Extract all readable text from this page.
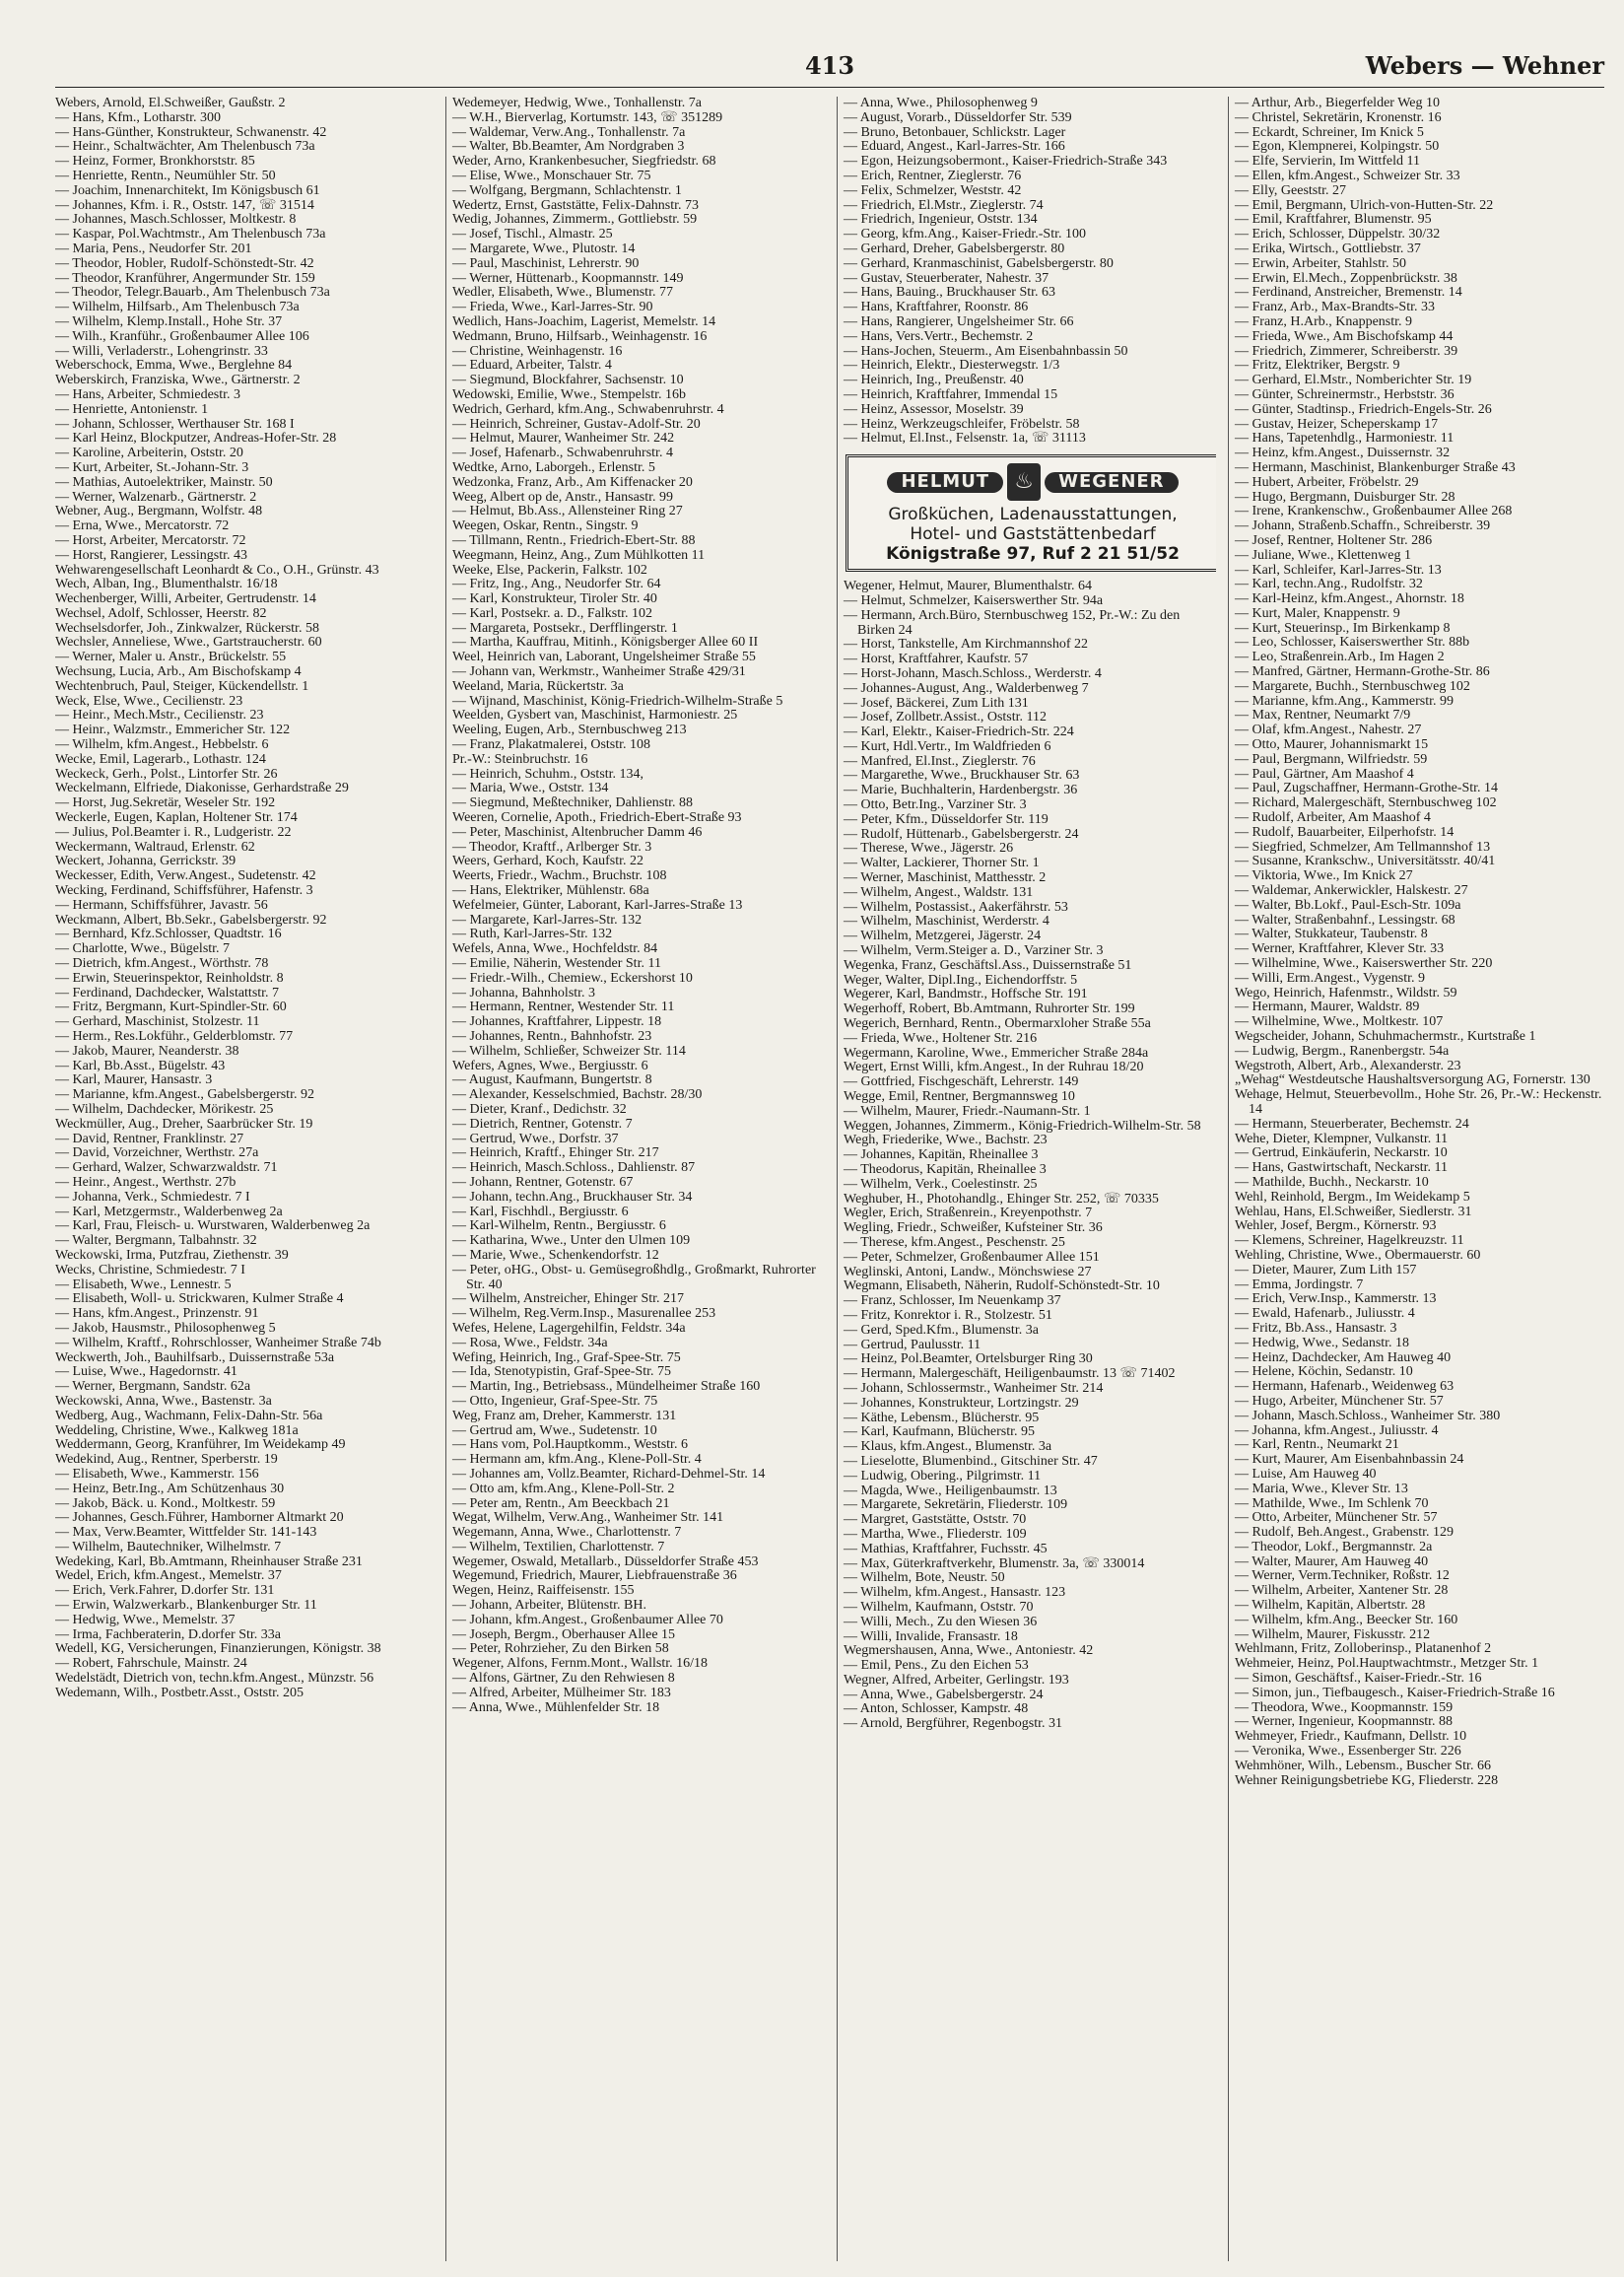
413	Webers — Wehner
Webers, Arnold, El.Schweißer, Gaußstr. 2
— Hans, Kfm., Lotharstr. 300
— Hans-Günther, Konstrukteur, Schwanenstr. 42
— Heinr., Schaltwächter, Am Thelenbusch 73a
— Heinz, Former, Bronkhorststr. 85
— Henriette, Rentn., Neumühler Str. 50
— Joachim, Innenarchitekt, Im Königsbusch 61
— Johannes, Kfm. i. R., Oststr. 147, ☏ 31514
— Johannes, Masch.Schlosser, Moltkestr. 8
— Kaspar, Pol.Wachtmstr., Am Thelenbusch 73a
— Maria, Pens., Neudorfer Str. 201
— Theodor, Hobler, Rudolf-Schönstedt-Str. 42
— Theodor, Kranführer, Angermunder Str. 159
— Theodor, Telegr.Bauarb., Am Thelenbusch 73a
— Wilhelm, Hilfsarb., Am Thelenbusch 73a
— Wilhelm, Klemp.Install., Hohe Str. 37
— Wilh., Kranführ., Großenbaumer Allee 106
— Willi, Verladerstr., Lohengrinstr. 33
Weberschock, Emma, Wwe., Berglehne 84
Weberskirch, Franziska, Wwe., Gärtnerstr. 2
— Hans, Arbeiter, Schmiedestr. 3
— Henriette, Antonienstr. 1
— Johann, Schlosser, Werthauser Str. 168 I
— Karl Heinz, Blockputzer, Andreas-Hofer-Str. 28
— Karoline, Arbeiterin, Oststr. 20
— Kurt, Arbeiter, St.-Johann-Str. 3
— Mathias, Autoelektriker, Mainstr. 50
— Werner, Walzenarb., Gärtnerstr. 2
Webner, Aug., Bergmann, Wolfstr. 48
— Erna, Wwe., Mercatorstr. 72
— Horst, Arbeiter, Mercatorstr. 72
— Horst, Rangierer, Lessingstr. 43
Wehwarengesellschaft Leonhardt & Co., O.H., Grünstr. 43
Wech, Alban, Ing., Blumenthalstr. 16/18
Wechenberger, Willi, Arbeiter, Gertrudenstr. 14
Wechsel, Adolf, Schlosser, Heerstr. 82
Wechselsdorfer, Joh., Zinkwalzer, Rückerstr. 58
Wechsler, Anneliese, Wwe., Gartstraucherstr. 60
— Werner, Maler u. Anstr., Brückelstr. 55
Wechsung, Lucia, Arb., Am Bischofskamp 4
Wechtenbruch, Paul, Steiger, Kückendellstr. 1
Weck, Else, Wwe., Cecilienstr. 23
— Heinr., Mech.Mstr., Cecilienstr. 23
— Heinr., Walzmstr., Emmericher Str. 122
— Wilhelm, kfm.Angest., Hebbelstr. 6
Wecke, Emil, Lagerarb., Lothastr. 124
Weckeck, Gerh., Polst., Lintorfer Str. 26
Weckelmann, Elfriede, Diakonisse, Gerhardstraße 29
— Horst, Jug.Sekretär, Weseler Str. 192
Weckerle, Eugen, Kaplan, Holtener Str. 174
— Julius, Pol.Beamter i. R., Ludgeristr. 22
Weckermann, Waltraud, Erlenstr. 62
Weckert, Johanna, Gerrickstr. 39
Weckesser, Edith, Verw.Angest., Sudetenstr. 42
Wecking, Ferdinand, Schiffsführer, Hafenstr. 3
— Hermann, Schiffsführer, Javastr. 56
Weckmann, Albert, Bb.Sekr., Gabelsbergerstr. 92
— Bernhard, Kfz.Schlosser, Quadtstr. 16
— Charlotte, Wwe., Bügelstr. 7
— Dietrich, kfm.Angest., Wörthstr. 78
— Erwin, Steuerinspektor, Reinholdstr. 8
— Ferdinand, Dachdecker, Walstattstr. 7
— Fritz, Bergmann, Kurt-Spindler-Str. 60
— Gerhard, Maschinist, Stolzestr. 11
— Herm., Res.Lokführ., Gelderblomstr. 77
— Jakob, Maurer, Neanderstr. 38
— Karl, Bb.Asst., Bügelstr. 43
— Karl, Maurer, Hansastr. 3
— Marianne, kfm.Angest., Gabelsbergerstr. 92
— Wilhelm, Dachdecker, Mörikestr. 25
Weckmüller, Aug., Dreher, Saarbrücker Str. 19
— David, Rentner, Franklinstr. 27
— David, Vorzeichner, Werthstr. 27a
— Gerhard, Walzer, Schwarzwaldstr. 71
— Heinr., Angest., Werthstr. 27b
— Johanna, Verk., Schmiedestr. 7 I
— Karl, Metzgermstr., Walderbenweg 2a
— Karl, Frau, Fleisch- u. Wurstwaren, Walderbenweg 2a
— Walter, Bergmann, Talbahnstr. 32
Weckowski, Irma, Putzfrau, Ziethenstr. 39
Wecks, Christine, Schmiedestr. 7 I
— Elisabeth, Wwe., Lennestr. 5
— Elisabeth, Woll- u. Strickwaren, Kulmer Straße 4
— Hans, kfm.Angest., Prinzenstr. 91
— Jakob, Hausmstr., Philosophenweg 5
— Wilhelm, Kraftf., Rohrschlosser, Wanheimer Straße 74b
Weckwerth, Joh., Bauhilfsarb., Duissernstraße 53a
— Luise, Wwe., Hagedornstr. 41
— Werner, Bergmann, Sandstr. 62a
Weckowski, Anna, Wwe., Bastenstr. 3a
Wedberg, Aug., Wachmann, Felix-Dahn-Str. 56a
Weddeling, Christine, Wwe., Kalkweg 181a
Weddermann, Georg, Kranführer, Im Weidekamp 49
Wedekind, Aug., Rentner, Sperberstr. 19
— Elisabeth, Wwe., Kammerstr. 156
— Heinz, Betr.Ing., Am Schützenhaus 30
— Jakob, Bäck. u. Kond., Moltkestr. 59
— Johannes, Gesch.Führer, Hamborner Altmarkt 20
— Max, Verw.Beamter, Wittfelder Str. 141-143
— Wilhelm, Bautechniker, Wilhelmstr. 7
Wedeking, Karl, Bb.Amtmann, Rheinhauser Straße 231
Wedel, Erich, kfm.Angest., Memelstr. 37
— Erich, Verk.Fahrer, D.dorfer Str. 131
— Erwin, Walzwerkarb., Blankenburger Str. 11
— Hedwig, Wwe., Memelstr. 37
— Irma, Fachberaterin, D.dorfer Str. 33a
Wedell, KG, Versicherungen, Finanzierungen, Königstr. 38
— Robert, Fahrschule, Mainstr. 24
Wedelstädt, Dietrich von, techn.kfm.Angest., Münzstr. 56
Wedemann, Wilh., Postbetr.Asst., Oststr. 205
Wedemeyer, Hedwig, Wwe., Tonhallenstr. 7a
— W.H., Bierverlag, Kortumstr. 143, ☏ 351289
— Waldemar, Verw.Ang., Tonhallenstr. 7a
— Walter, Bb.Beamter, Am Nordgraben 3
Weder, Arno, Krankenbesucher, Siegfriedstr. 68
— Elise, Wwe., Monschauer Str. 75
— Wolfgang, Bergmann, Schlachtenstr. 1
Wedertz, Ernst, Gaststätte, Felix-Dahnstr. 73
Wedig, Johannes, Zimmerm., Gottliebstr. 59
— Josef, Tischl., Almastr. 25
— Margarete, Wwe., Plutostr. 14
— Paul, Maschinist, Lehrerstr. 90
— Werner, Hüttenarb., Koopmannstr. 149
Wedler, Elisabeth, Wwe., Blumenstr. 77
— Frieda, Wwe., Karl-Jarres-Str. 90
Wedlich, Hans-Joachim, Lagerist, Memelstr. 14
Wedmann, Bruno, Hilfsarb., Weinhagenstr. 16
— Christine, Weinhagenstr. 16
— Eduard, Arbeiter, Talstr. 4
— Siegmund, Blockfahrer, Sachsenstr. 10
Wedowski, Emilie, Wwe., Stempelstr. 16b
Wedrich, Gerhard, kfm.Ang., Schwabenruhrstr. 4
— Heinrich, Schreiner, Gustav-Adolf-Str. 20
— Helmut, Maurer, Wanheimer Str. 242
— Josef, Hafenarb., Schwabenruhrstr. 4
Wedtke, Arno, Laborgeh., Erlenstr. 5
Wedzonka, Franz, Arb., Am Kiffenacker 20
Weeg, Albert op de, Anstr., Hansastr. 99
— Helmut, Bb.Ass., Allensteiner Ring 27
Weegen, Oskar, Rentn., Singstr. 9
— Tillmann, Rentn., Friedrich-Ebert-Str. 88
Weegmann, Heinz, Ang., Zum Mühlkotten 11
Weeke, Else, Packerin, Falkstr. 102
— Fritz, Ing., Ang., Neudorfer Str. 64
— Karl, Konstrukteur, Tiroler Str. 40
— Karl, Postsekr. a. D., Falkstr. 102
— Margareta, Postsekr., Derfflingerstr. 1
— Martha, Kauffrau, Mitinh., Königsberger Allee 60 II
Weel, Heinrich van, Laborant, Ungelsheimer Straße 55
— Johann van, Werkmstr., Wanheimer Straße 429/31
Weeland, Maria, Rückertstr. 3a
— Wijnand, Maschinist, König-Friedrich-Wilhelm-Straße 5
Weelden, Gysbert van, Maschinist, Harmoniestr. 25
Weeling, Eugen, Arb., Sternbuschweg 213
— Franz, Plakatmalerei, Oststr. 108
Pr.-W.: Steinbruchstr. 16
— Heinrich, Schuhm., Oststr. 134,
— Maria, Wwe., Oststr. 134
— Siegmund, Meßtechniker, Dahlienstr. 88
Weeren, Cornelie, Apoth., Friedrich-Ebert-Straße 93
— Peter, Maschinist, Altenbrucher Damm 46
— Theodor, Kraftf., Arlberger Str. 3
Weers, Gerhard, Koch, Kaufstr. 22
Weerts, Friedr., Wachm., Bruchstr. 108
— Hans, Elektriker, Mühlenstr. 68a
Wefelmeier, Günter, Laborant, Karl-Jarres-Straße 13
— Margarete, Karl-Jarres-Str. 132
— Ruth, Karl-Jarres-Str. 132
Wefels, Anna, Wwe., Hochfeldstr. 84
— Emilie, Näherin, Westender Str. 11
— Friedr.-Wilh., Chemiew., Eckershorst 10
— Johanna, Bahnholstr. 3
— Hermann, Rentner, Westender Str. 11
— Johannes, Kraftfahrer, Lippestr. 18
— Johannes, Rentn., Bahnhofstr. 23
— Wilhelm, Schließer, Schweizer Str. 114
Wefers, Agnes, Wwe., Bergiusstr. 6
— August, Kaufmann, Bungertstr. 8
— Alexander, Kesselschmied, Bachstr. 28/30
— Dieter, Kranf., Dedichstr. 32
— Dietrich, Rentner, Gotenstr. 7
— Gertrud, Wwe., Dorfstr. 37
— Heinrich, Kraftf., Ehinger Str. 217
— Heinrich, Masch.Schloss., Dahlienstr. 87
— Johann, Rentner, Gotenstr. 67
— Johann, techn.Ang., Bruckhauser Str. 34
— Karl, Fischhdl., Bergiusstr. 6
— Karl-Wilhelm, Rentn., Bergiusstr. 6
— Katharina, Wwe., Unter den Ulmen 109
— Marie, Wwe., Schenkendorfstr. 12
— Peter, oHG., Obst- u. Gemüsegroßhdlg., Großmarkt, Ruhrorter Str. 40
— Wilhelm, Anstreicher, Ehinger Str. 217
— Wilhelm, Reg.Verm.Insp., Masurenallee 253
Wefes, Helene, Lagergehilfin, Feldstr. 34a
— Rosa, Wwe., Feldstr. 34a
Wefing, Heinrich, Ing., Graf-Spee-Str. 75
— Ida, Stenotypistin, Graf-Spee-Str. 75
— Martin, Ing., Betriebsass., Mündelheimer Straße 160
— Otto, Ingenieur, Graf-Spee-Str. 75
Weg, Franz am, Dreher, Kammerstr. 131
— Gertrud am, Wwe., Sudetenstr. 10
— Hans vom, Pol.Hauptkomm., Weststr. 6
— Hermann am, kfm.Ang., Klene-Poll-Str. 4
— Johannes am, Vollz.Beamter, Richard-Dehmel-Str. 14
— Otto am, kfm.Ang., Klene-Poll-Str. 2
— Peter am, Rentn., Am Beeckbach 21
Wegat, Wilhelm, Verw.Ang., Wanheimer Str. 141
Wegemann, Anna, Wwe., Charlottenstr. 7
— Wilhelm, Textilien, Charlottenstr. 7
Wegemer, Oswald, Metallarb., Düsseldorfer Straße 453
Wegemund, Friedrich, Maurer, Liebfrauenstraße 36
Wegen, Heinz, Raiffeisenstr. 155
— Johann, Arbeiter, Blütenstr. BH.
— Johann, kfm.Angest., Großenbaumer Allee 70
— Joseph, Bergm., Oberhauser Allee 15
— Peter, Rohrzieher, Zu den Birken 58
Wegener, Alfons, Fernm.Mont., Wallstr. 16/18
— Alfons, Gärtner, Zu den Rehwiesen 8
— Alfred, Arbeiter, Mülheimer Str. 183
— Anna, Wwe., Mühlenfelder Str. 18
— Anna, Wwe., Philosophenweg 9
— August, Vorarb., Düsseldorfer Str. 539
— Bruno, Betonbauer, Schlickstr. Lager
— Eduard, Angest., Karl-Jarres-Str. 166
— Egon, Heizungsobermont., Kaiser-Friedrich-Straße 343
— Erich, Rentner, Zieglerstr. 76
— Felix, Schmelzer, Weststr. 42
— Friedrich, El.Mstr., Zieglerstr. 74
— Friedrich, Ingenieur, Oststr. 134
— Georg, kfm.Ang., Kaiser-Friedr.-Str. 100
— Gerhard, Dreher, Gabelsbergerstr. 80
— Gerhard, Kranmaschinist, Gabelsbergerstr. 80
— Gustav, Steuerberater, Nahestr. 37
— Hans, Bauing., Bruckhauser Str. 63
— Hans, Kraftfahrer, Roonstr. 86
— Hans, Rangierer, Ungelsheimer Str. 66
— Hans, Vers.Vertr., Bechemstr. 2
— Hans-Jochen, Steuerm., Am Eisenbahnbassin 50
— Heinrich, Elektr., Diesterwegstr. 1/3
— Heinrich, Ing., Preußenstr. 40
— Heinrich, Kraftfahrer, Immendal 15
— Heinz, Assessor, Moselstr. 39
— Heinz, Werkzeugschleifer, Fröbelstr. 58
— Helmut, El.Inst., Felsenstr. 1a, ☏ 31113
HELMUT	♨	WEGENER
Großküchen, Ladenausstattungen,
Hotel- und Gaststättenbedarf
Königstraße 97, Ruf 2 21 51/52
Wegener, Helmut, Maurer, Blumenthalstr. 64
— Helmut, Schmelzer, Kaiserswerther Str. 94a
— Hermann, Arch.Büro, Sternbuschweg 152, Pr.-W.: Zu den Birken 24
— Horst, Tankstelle, Am Kirchmannshof 22
— Horst, Kraftfahrer, Kaufstr. 57
— Horst-Johann, Masch.Schloss., Werderstr. 4
— Johannes-August, Ang., Walderbenweg 7
— Josef, Bäckerei, Zum Lith 131
— Josef, Zollbetr.Assist., Oststr. 112
— Karl, Elektr., Kaiser-Friedrich-Str. 224
— Kurt, Hdl.Vertr., Im Waldfrieden 6
— Manfred, El.Inst., Zieglerstr. 76
— Margarethe, Wwe., Bruckhauser Str. 63
— Marie, Buchhalterin, Hardenbergstr. 36
— Otto, Betr.Ing., Varziner Str. 3
— Peter, Kfm., Düsseldorfer Str. 119
— Rudolf, Hüttenarb., Gabelsbergerstr. 24
— Therese, Wwe., Jägerstr. 26
— Walter, Lackierer, Thorner Str. 1
— Werner, Maschinist, Matthesstr. 2
— Wilhelm, Angest., Waldstr. 131
— Wilhelm, Postassist., Aakerfährstr. 53
— Wilhelm, Maschinist, Werderstr. 4
— Wilhelm, Metzgerei, Jägerstr. 24
— Wilhelm, Verm.Steiger a. D., Varziner Str. 3
Wegenka, Franz, Geschäftsl.Ass., Duissernstraße 51
Weger, Walter, Dipl.Ing., Eichendorffstr. 5
Wegerer, Karl, Bandmstr., Hoffsche Str. 191
Wegerhoff, Robert, Bb.Amtmann, Ruhrorter Str. 199
Wegerich, Bernhard, Rentn., Obermarxloher Straße 55a
— Frieda, Wwe., Holtener Str. 216
Wegermann, Karoline, Wwe., Emmericher Straße 284a
Wegert, Ernst Willi, kfm.Angest., In der Ruhrau 18/20
— Gottfried, Fischgeschäft, Lehrerstr. 149
Wegge, Emil, Rentner, Bergmannsweg 10
— Wilhelm, Maurer, Friedr.-Naumann-Str. 1
Weggen, Johannes, Zimmerm., König-Friedrich-Wilhelm-Str. 58
Wegh, Friederike, Wwe., Bachstr. 23
— Johannes, Kapitän, Rheinallee 3
— Theodorus, Kapitän, Rheinallee 3
— Wilhelm, Verk., Coelestinstr. 25
Weghuber, H., Photohandlg., Ehinger Str. 252, ☏ 70335
Wegler, Erich, Straßenrein., Kreyenpothstr. 7
Wegling, Friedr., Schweißer, Kufsteiner Str. 36
— Therese, kfm.Angest., Peschenstr. 25
— Peter, Schmelzer, Großenbaumer Allee 151
Weglinski, Antoni, Landw., Mönchswiese 27
Wegmann, Elisabeth, Näherin, Rudolf-Schönstedt-Str. 10
— Franz, Schlosser, Im Neuenkamp 37
— Fritz, Konrektor i. R., Stolzestr. 51
— Gerd, Sped.Kfm., Blumenstr. 3a
— Gertrud, Paulusstr. 11
— Heinz, Pol.Beamter, Ortelsburger Ring 30
— Hermann, Malergeschäft, Heiligenbaumstr. 13 ☏ 71402
— Johann, Schlossermstr., Wanheimer Str. 214
— Johannes, Konstrukteur, Lortzingstr. 29
— Käthe, Lebensm., Blücherstr. 95
— Karl, Kaufmann, Blücherstr. 95
— Klaus, kfm.Angest., Blumenstr. 3a
— Lieselotte, Blumenbind., Gitschiner Str. 47
— Ludwig, Obering., Pilgrimstr. 11
— Magda, Wwe., Heiligenbaumstr. 13
— Margarete, Sekretärin, Fliederstr. 109
— Margret, Gaststätte, Oststr. 70
— Martha, Wwe., Fliederstr. 109
— Mathias, Kraftfahrer, Fuchsstr. 45
— Max, Güterkraftverkehr, Blumenstr. 3a, ☏ 330014
— Wilhelm, Bote, Neustr. 50
— Wilhelm, kfm.Angest., Hansastr. 123
— Wilhelm, Kaufmann, Oststr. 70
— Willi, Mech., Zu den Wiesen 36
— Willi, Invalide, Fransastr. 18
Wegmershausen, Anna, Wwe., Antoniestr. 42
— Emil, Pens., Zu den Eichen 53
Wegner, Alfred, Arbeiter, Gerlingstr. 193
— Anna, Wwe., Gabelsbergerstr. 24
— Anton, Schlosser, Kampstr. 48
— Arnold, Bergführer, Regenbogstr. 31
— Arthur, Arb., Biegerfelder Weg 10
— Christel, Sekretärin, Kronenstr. 16
— Eckardt, Schreiner, Im Knick 5
— Egon, Klempnerei, Kolpingstr. 50
— Elfe, Servierin, Im Wittfeld 11
— Ellen, kfm.Angest., Schweizer Str. 33
— Elly, Geeststr. 27
— Emil, Bergmann, Ulrich-von-Hutten-Str. 22
— Emil, Kraftfahrer, Blumenstr. 95
— Erich, Schlosser, Düppelstr. 30/32
— Erika, Wirtsch., Gottliebstr. 37
— Erwin, Arbeiter, Stahlstr. 50
— Erwin, El.Mech., Zoppenbrückstr. 38
— Ferdinand, Anstreicher, Bremenstr. 14
— Franz, Arb., Max-Brandts-Str. 33
— Franz, H.Arb., Knappenstr. 9
— Frieda, Wwe., Am Bischofskamp 44
— Friedrich, Zimmerer, Schreiberstr. 39
— Fritz, Elektriker, Bergstr. 9
— Gerhard, El.Mstr., Nomberichter Str. 19
— Günter, Schreinermstr., Herbststr. 36
— Günter, Stadtinsp., Friedrich-Engels-Str. 26
— Gustav, Heizer, Scheperskamp 17
— Hans, Tapetenhdlg., Harmoniestr. 11
— Heinz, kfm.Angest., Duissernstr. 32
— Hermann, Maschinist, Blankenburger Straße 43
— Hubert, Arbeiter, Fröbelstr. 29
— Hugo, Bergmann, Duisburger Str. 28
— Irene, Krankenschw., Großenbaumer Allee 268
— Johann, Straßenb.Schaffn., Schreiberstr. 39
— Josef, Rentner, Holtener Str. 286
— Juliane, Wwe., Klettenweg 1
— Karl, Schleifer, Karl-Jarres-Str. 13
— Karl, techn.Ang., Rudolfstr. 32
— Karl-Heinz, kfm.Angest., Ahornstr. 18
— Kurt, Maler, Knappenstr. 9
— Kurt, Steuerinsp., Im Birkenkamp 8
— Leo, Schlosser, Kaiserswerther Str. 88b
— Leo, Straßenrein.Arb., Im Hagen 2
— Manfred, Gärtner, Hermann-Grothe-Str. 86
— Margarete, Buchh., Sternbuschweg 102
— Marianne, kfm.Ang., Kammerstr. 99
— Max, Rentner, Neumarkt 7/9
— Olaf, kfm.Angest., Nahestr. 27
— Otto, Maurer, Johannismarkt 15
— Paul, Bergmann, Wilfriedstr. 59
— Paul, Gärtner, Am Maashof 4
— Paul, Zugschaffner, Hermann-Grothe-Str. 14
— Richard, Malergeschäft, Sternbuschweg 102
— Rudolf, Arbeiter, Am Maashof 4
— Rudolf, Bauarbeiter, Eilperhofstr. 14
— Siegfried, Schmelzer, Am Tellmannshof 13
— Susanne, Krankschw., Universitätsstr. 40/41
— Viktoria, Wwe., Im Knick 27
— Waldemar, Ankerwickler, Halskestr. 27
— Walter, Bb.Lokf., Paul-Esch-Str. 109a
— Walter, Straßenbahnf., Lessingstr. 68
— Walter, Stukkateur, Taubenstr. 8
— Werner, Kraftfahrer, Klever Str. 33
— Wilhelmine, Wwe., Kaiserswerther Str. 220
— Willi, Erm.Angest., Vygenstr. 9
Wego, Heinrich, Hafenmstr., Wildstr. 59
— Hermann, Maurer, Waldstr. 89
— Wilhelmine, Wwe., Moltkestr. 107
Wegscheider, Johann, Schuhmachermstr., Kurtstraße 1
— Ludwig, Bergm., Ranenbergstr. 54a
Wegstroth, Albert, Arb., Alexanderstr. 23
„Wehag“ Westdeutsche Haushaltsversorgung AG, Fornerstr. 130
Wehage, Helmut, Steuerbevollm., Hohe Str. 26, Pr.-W.: Heckenstr. 14
— Hermann, Steuerberater, Bechemstr. 24
Wehe, Dieter, Klempner, Vulkanstr. 11
— Gertrud, Einkäuferin, Neckarstr. 10
— Hans, Gastwirtschaft, Neckarstr. 11
— Mathilde, Buchh., Neckarstr. 10
Wehl, Reinhold, Bergm., Im Weidekamp 5
Wehlau, Hans, El.Schweißer, Siedlerstr. 31
Wehler, Josef, Bergm., Körnerstr. 93
— Klemens, Schreiner, Hagelkreuzstr. 11
Wehling, Christine, Wwe., Obermauerstr. 60
— Dieter, Maurer, Zum Lith 157
— Emma, Jordingstr. 7
— Erich, Verw.Insp., Kammerstr. 13
— Ewald, Hafenarb., Juliusstr. 4
— Fritz, Bb.Ass., Hansastr. 3
— Hedwig, Wwe., Sedanstr. 18
— Heinz, Dachdecker, Am Hauweg 40
— Helene, Köchin, Sedanstr. 10
— Hermann, Hafenarb., Weidenweg 63
— Hugo, Arbeiter, Münchener Str. 57
— Johann, Masch.Schloss., Wanheimer Str. 380
— Johanna, kfm.Angest., Juliusstr. 4
— Karl, Rentn., Neumarkt 21
— Kurt, Maurer, Am Eisenbahnbassin 24
— Luise, Am Hauweg 40
— Maria, Wwe., Klever Str. 13
— Mathilde, Wwe., Im Schlenk 70
— Otto, Arbeiter, Münchener Str. 57
— Rudolf, Beh.Angest., Grabenstr. 129
— Theodor, Lokf., Bergmannstr. 2a
— Walter, Maurer, Am Hauweg 40
— Werner, Verm.Techniker, Roßstr. 12
— Wilhelm, Arbeiter, Xantener Str. 28
— Wilhelm, Kapitän, Albertstr. 28
— Wilhelm, kfm.Ang., Beecker Str. 160
— Wilhelm, Maurer, Fiskusstr. 212
Wehlmann, Fritz, Zolloberinsp., Platanenhof 2
Wehmeier, Heinz, Pol.Hauptwachtmstr., Metzger Str. 1
— Simon, Geschäftsf., Kaiser-Friedr.-Str. 16
— Simon, jun., Tiefbaugesch., Kaiser-Friedrich-Straße 16
— Theodora, Wwe., Koopmannstr. 159
— Werner, Ingenieur, Koopmannstr. 88
Wehmeyer, Friedr., Kaufmann, Dellstr. 10
— Veronika, Wwe., Essenberger Str. 226
Wehmhöner, Wilh., Lebensm., Buscher Str. 66
Wehner Reinigungsbetriebe KG, Fliederstr. 228
